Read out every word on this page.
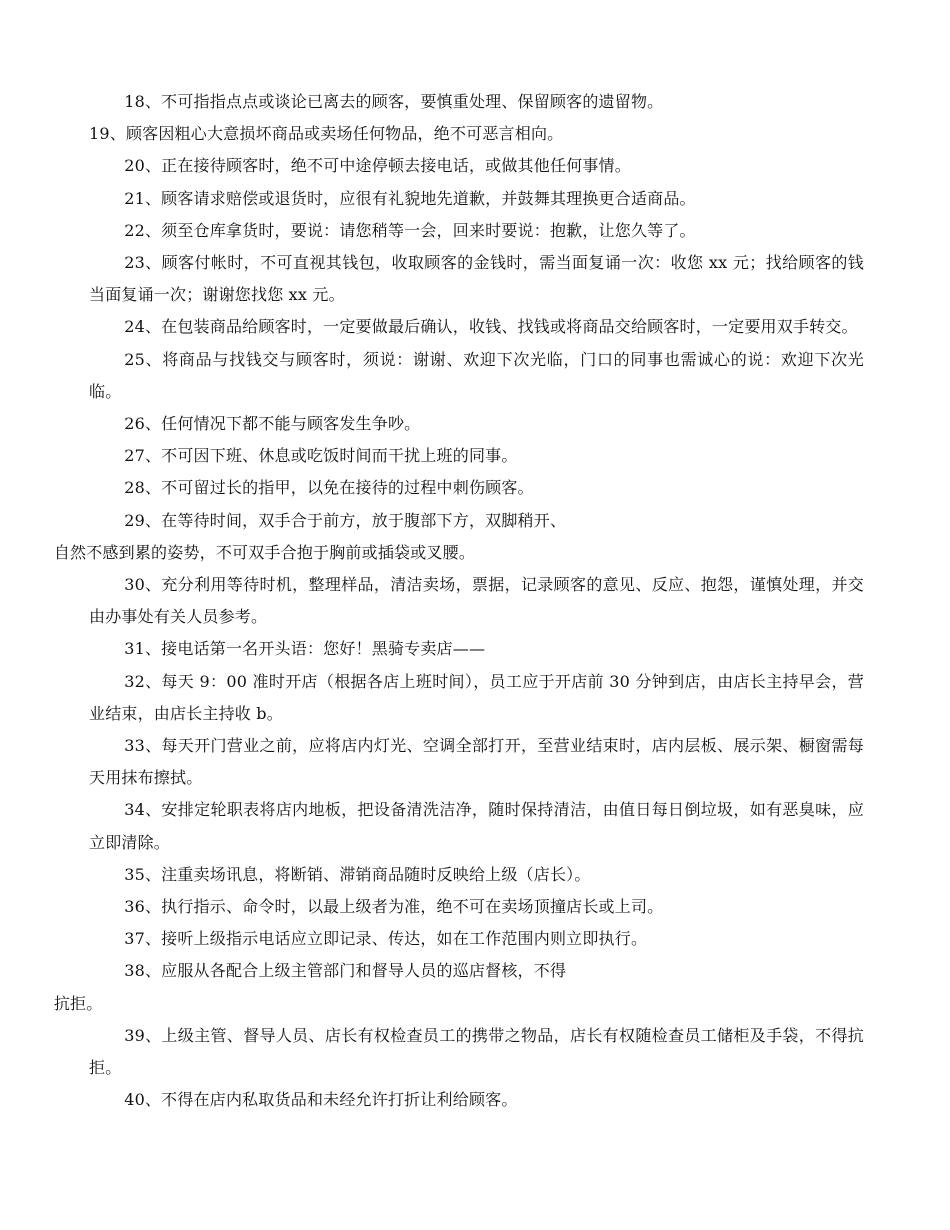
18、不可指指点点或谈论已离去的顾客，要慎重处理、保留顾客的遗留物。

19、顾客因粗心大意损坏商品或卖场任何物品，绝不可恶言相向。

20、正在接待顾客时，绝不可中途停顿去接电话，或做其他任何事情。

21、顾客请求赔偿或退货时，应很有礼貌地先道歉，并鼓舞其理换更合适商品。

22、须至仓库拿货时，要说：请您稍等一会，回来时要说：抱歉，让您久等了。

23、顾客付帐时，不可直视其钱包，收取顾客的金钱时，需当面复诵一次：收您 xx 元；找给顾客的钱当面复诵一次；谢谢您找您 xx 元。

24、在包装商品给顾客时，一定要做最后确认，收钱、找钱或将商品交给顾客时，一定要用双手转交。

25、将商品与找钱交与顾客时，须说：谢谢、欢迎下次光临，门口的同事也需诚心的说：欢迎下次光临。

26、任何情况下都不能与顾客发生争吵。

27、不可因下班、休息或吃饭时间而干扰上班的同事。

28、不可留过长的指甲，以免在接待的过程中刺伤顾客。

29、在等待时间，双手合于前方，放于腹部下方，双脚稍开、
自然不感到累的姿势，不可双手合抱于胸前或插袋或叉腰。

30、充分利用等待时机，整理样品，清洁卖场，票据，记录顾客的意见、反应、抱怨，谨慎处理，并交由办事处有关人员参考。

31、接电话第一名开头语：您好！黑骑专卖店——

32、每天 9：00 准时开店（根据各店上班时间），员工应于开店前 30 分钟到店，由店长主持早会，营业结束，由店长主持收 b。

33、每天开门营业之前，应将店内灯光、空调全部打开，至营业结束时，店内层板、展示架、橱窗需每天用抹布擦拭。

34、安排定轮职表将店内地板，把设备清洗洁净，随时保持清洁，由值日每日倒垃圾，如有恶臭味，应立即清除。

35、注重卖场讯息，将断销、滞销商品随时反映给上级（店长）。

36、执行指示、命令时，以最上级者为准，绝不可在卖场顶撞店长或上司。

37、接听上级指示电话应立即记录、传达，如在工作范围内则立即执行。

38、应服从各配合上级主管部门和督导人员的巡店督核，不得
抗拒。

39、上级主管、督导人员、店长有权检查员工的携带之物品，店长有权随检查员工储柜及手袋，不得抗拒。

40、不得在店内私取货品和未经允许打折让利给顾客。
